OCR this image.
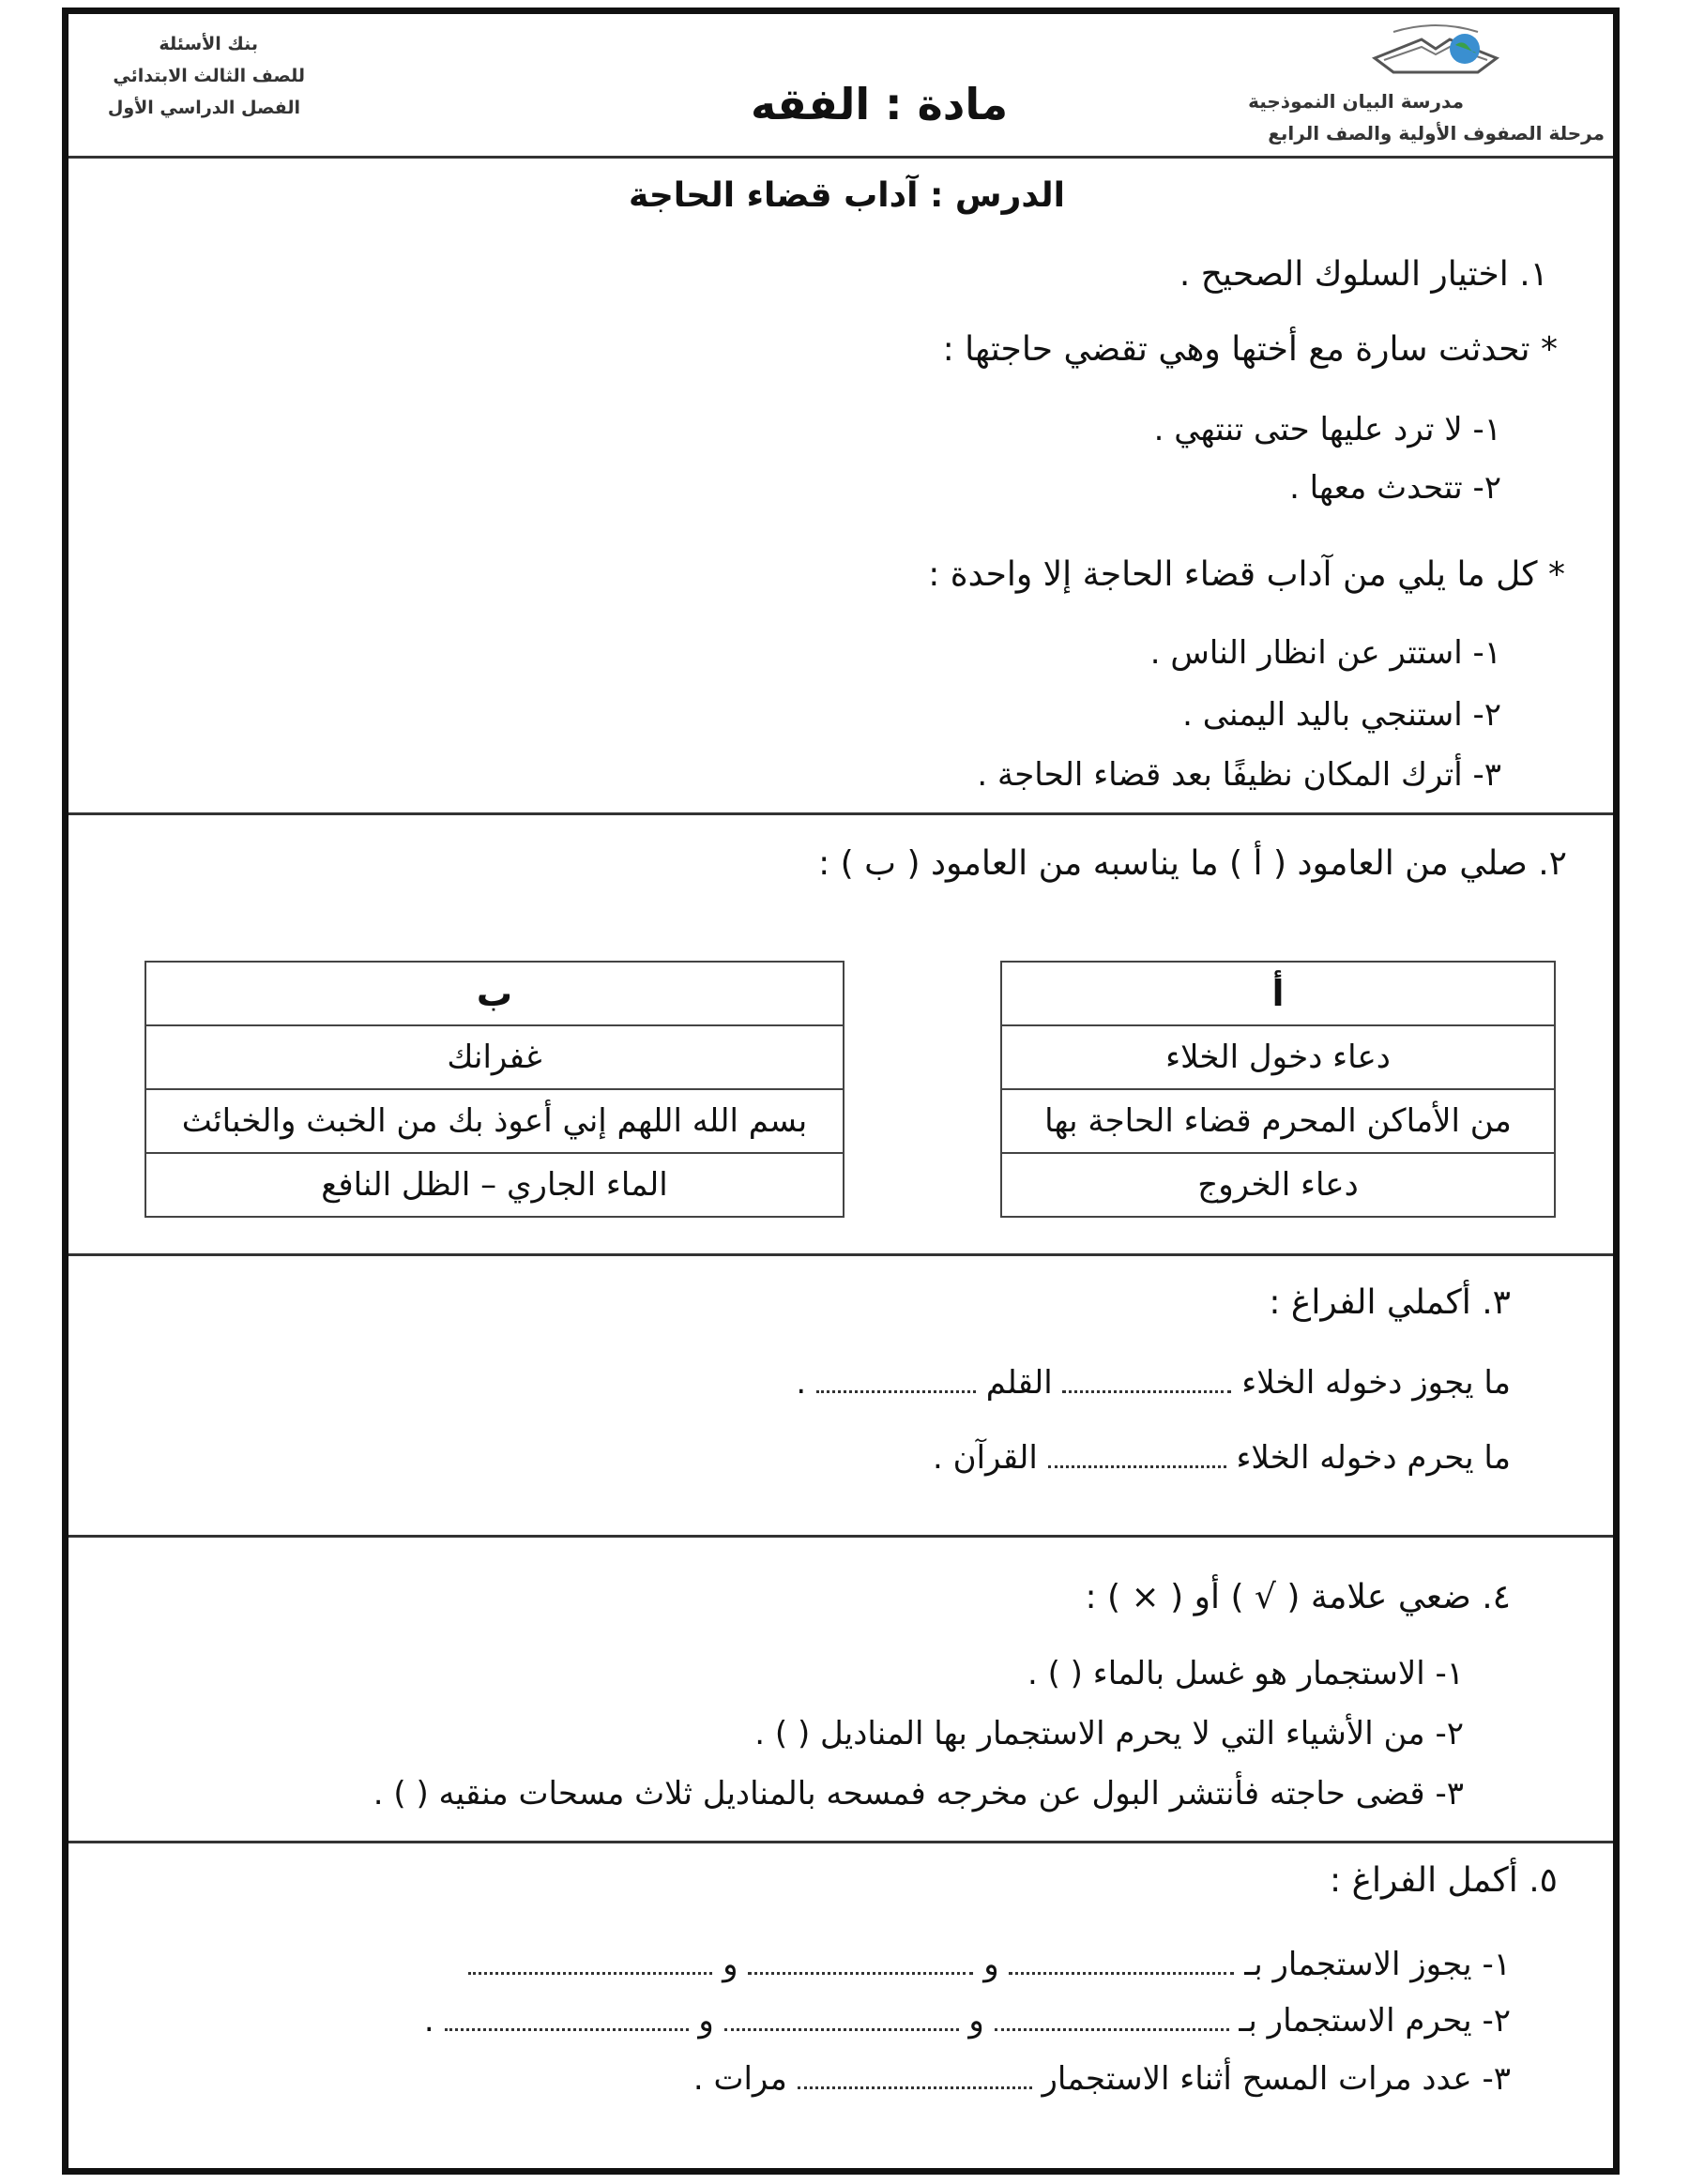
بنك الأسئلة
للصف الثالث الابتدائي
الفصل الدراسي الأول	مادة : الفقه	مدرسة البيان النموذجية
مرحلة الصفوف الأولية والصف الرابع
الدرس : آداب قضاء الحاجة
١. اختيار السلوك الصحيح .
* تحدثت سارة مع أختها وهي تقضي حاجتها :
١- لا ترد عليها حتى تنتهي .
٢- تتحدث معها .
* كل ما يلي من آداب قضاء الحاجة إلا واحدة :
١- استتر عن انظار الناس .
٢- استنجي باليد اليمنى .
٣- أترك المكان نظيفًا بعد قضاء الحاجة .
٢. صلي من العامود ( أ ) ما يناسبه من العامود ( ب ) :
ب
غفرانك
بسم الله اللهم إني أعوذ بك من الخبث والخبائث
الماء الجاري – الظل النافع
أ
دعاء دخول الخلاء
من الأماكن المحرم قضاء الحاجة بها
دعاء الخروج
٣. أكملي الفراغ :
ما يجوز دخوله الخلاء  القلم  .
ما يحرم دخوله الخلاء  القرآن .
٤. ضعي علامة ( √ ) أو ( × ) :
١- الاستجمار هو غسل بالماء ( ) .
٢- من الأشياء التي لا يحرم الاستجمار بها المناديل ( ) .
٣- قضى حاجته فأنتشر البول عن مخرجه فمسحه بالمناديل ثلاث مسحات منقيه ( ) .
٥. أكمل الفراغ :
١- يجوز الاستجمار بـ  و  و
٢- يحرم الاستجمار بـ  و  و  .
٣- عدد مرات المسح أثناء الاستجمار  مرات .
